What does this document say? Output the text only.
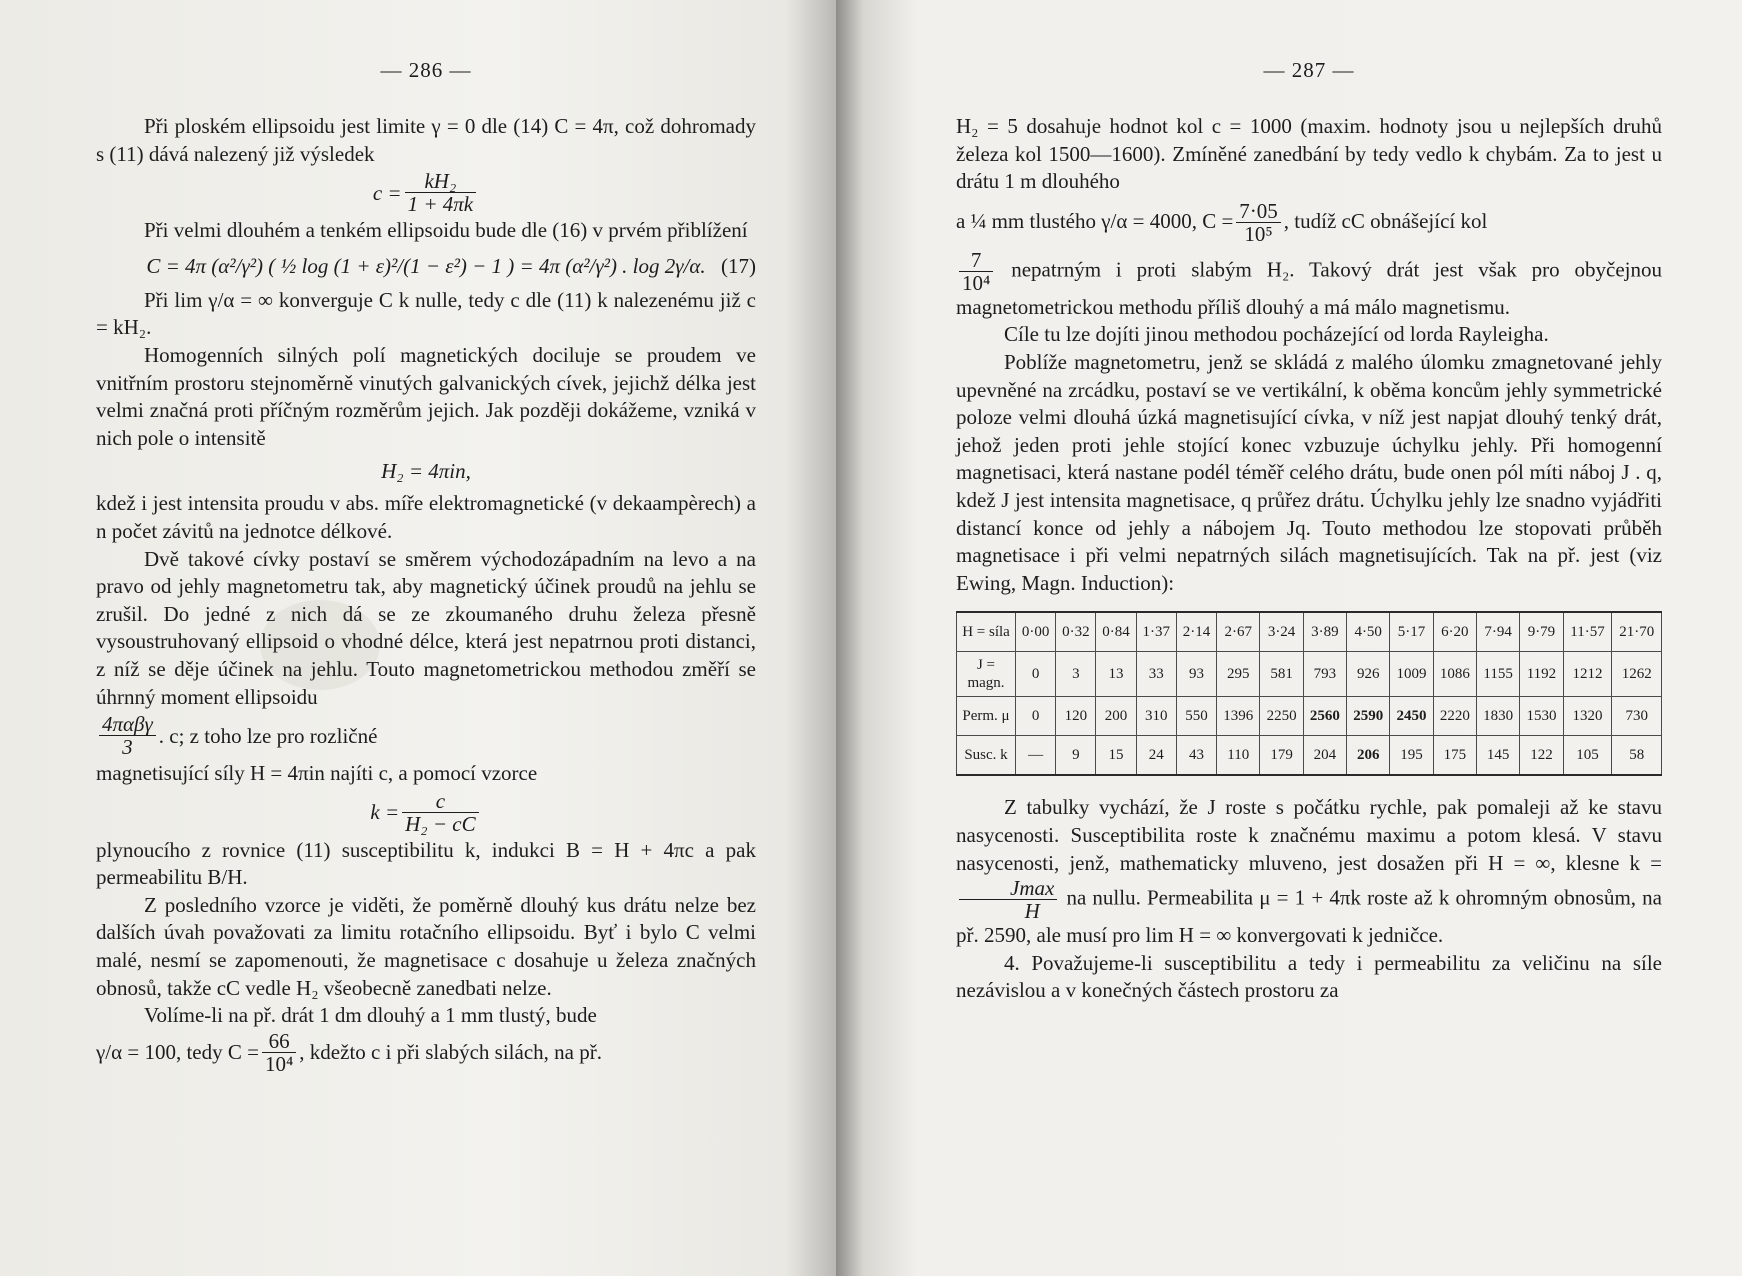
— 286 —

Při ploském ellipsoidu jest limite γ = 0 dle (14) C = 4π, což dohromady s (11) dává nalezený již výsledek

$c = \frac{\text{kH₂}}{1 + 4\pi k}$

Při velmi dlouhém a tenkém ellipsoidu bude dle (16) v prvém přiblížení

C = 4π (α²/γ²) ( ½ log (1 + ε)²/(1 − ε²) − 1 ) = 4π (α²/γ²) . log 2γ/α. (17)

Při lim γ/α = ∞ konverguje C k nulle, tedy c dle (11) k nalezenému již c = kH₂.

Homogenních silných polí magnetických dociluje se proudem ve vnitřním prostoru stejnoměrně vinutých galvanických cívek, jejichž délka jest velmi značná proti příčným rozměrům jejich. Jak později dokážeme, vzniká v nich pole o intensitě

H₂ = 4πin,

kdež i jest intensita proudu v abs. míře elektromagnetické (v dekaampèrech) a n počet závitů na jednotce délkové.

Dvě takové cívky postaví se směrem východozápadním na levo a na pravo od jehly magnetometru tak, aby magnetický účinek proudů na jehlu se zrušil. Do jedné z nich dá se ze zkoumaného druhu železa přesně vysoustruhovaný ellipsoid o vhodné délce, která jest nepatrnou proti distanci, z níž se děje účinek na jehlu. Touto magnetometrickou methodou změří se úhrnný moment ellipsoidu

$\frac{\text{4παβγ}}{3}$ . c; z toho lze pro rozličné

magnetisující síly H = 4πin najíti c, a pomocí vzorce

$k = \frac{c}{\text{H₂ − cC}}$

plynoucího z rovnice (11) susceptibilitu k, indukci B = H + 4πc a pak permeabilitu B/H.

Z posledního vzorce je viděti, že poměrně dlouhý kus drátu nelze bez dalších úvah považovati za limitu rotačního ellipsoidu. Byť i bylo C velmi malé, nesmí se zapomenouti, že magnetisace c dosahuje u železa značných obnosů, takže cC vedle H₂ všeobecně zanedbati nelze.

Volíme-li na př. drát 1 dm dlouhý a 1 mm tlustý, bude

γ/α = 100, tedy $C = \frac{66}{\text{10⁴}}$ , kdežto c i při slabých silách, na př.

— 287 —

H₂ = 5 dosahuje hodnot kol c = 1000 (maxim. hodnoty jsou u nejlepších druhů železa kol 1500—1600). Zmíněné zanedbání by tedy vedlo k chybám. Za to jest u drátu 1 m dlouhého

a ¼ mm tlustého γ/α = 4000, $C = \frac{7\cdot 05}{\text{10⁵}}$ , tudíž cC obnášející kol

$\frac{7}{\text{10⁴}}$ nepatrným i proti slabým H₂. Takový drát jest však pro obyčejnou magnetometrickou methodu příliš dlouhý a má málo magnetismu.

Cíle tu lze dojíti jinou methodou pocházející od lorda Rayleigha.

Poblíže magnetometru, jenž se skládá z malého úlomku zmagnetované jehly upevněné na zrcádku, postaví se ve vertikální, k oběma koncům jehly symmetrické poloze velmi dlouhá úzká magnetisující cívka, v níž jest napjat dlouhý tenký drát, jehož jeden proti jehle stojící konec vzbuzuje úchylku jehly. Při homogenní magnetisaci, která nastane podél téměř celého drátu, bude onen pól míti náboj J . q, kdež J jest intensita magnetisace, q průřez drátu. Úchylku jehly lze snadno vyjádřiti distancí konce od jehly a nábojem Jq. Touto methodou lze stopovati průběh magnetisace i při velmi nepatrných silách magnetisujících. Tak na př. jest (viz Ewing, Magn. Induction):

H = síla	0·00	0·32	0·84	1·37	2·14	2·67	3·24	3·89	4·50	5·17	6·20	7·94	9·79	11·57	21·70
J = magn.	0	3	13	33	93	295	581	793	926	1009	1086	1155	1192	1212	1262
Perm. μ	0	120	200	310	550	1396	2250	2560	2590	2450	2220	1830	1530	1320	730
Susc. k	—	9	15	24	43	110	179	204	206	195	175	145	122	105	58

Z tabulky vychází, že J roste s počátku rychle, pak pomaleji až ke stavu nasycenosti. Susceptibilita roste k značnému maximu a potom klesá. V stavu nasycenosti, jenž, mathematicky mluveno, jest dosažen při H = ∞, klesne k =
$\frac{Jmax}{H}$ na nullu. Permeabilita μ = 1 + 4πk roste až k ohromným obnosům, na př. 2590, ale musí pro lim H = ∞ konvergovati k jedničce.

4. Považujeme-li susceptibilitu a tedy i permeabilitu za veličinu na síle nezávislou a v konečných částech prostoru za
